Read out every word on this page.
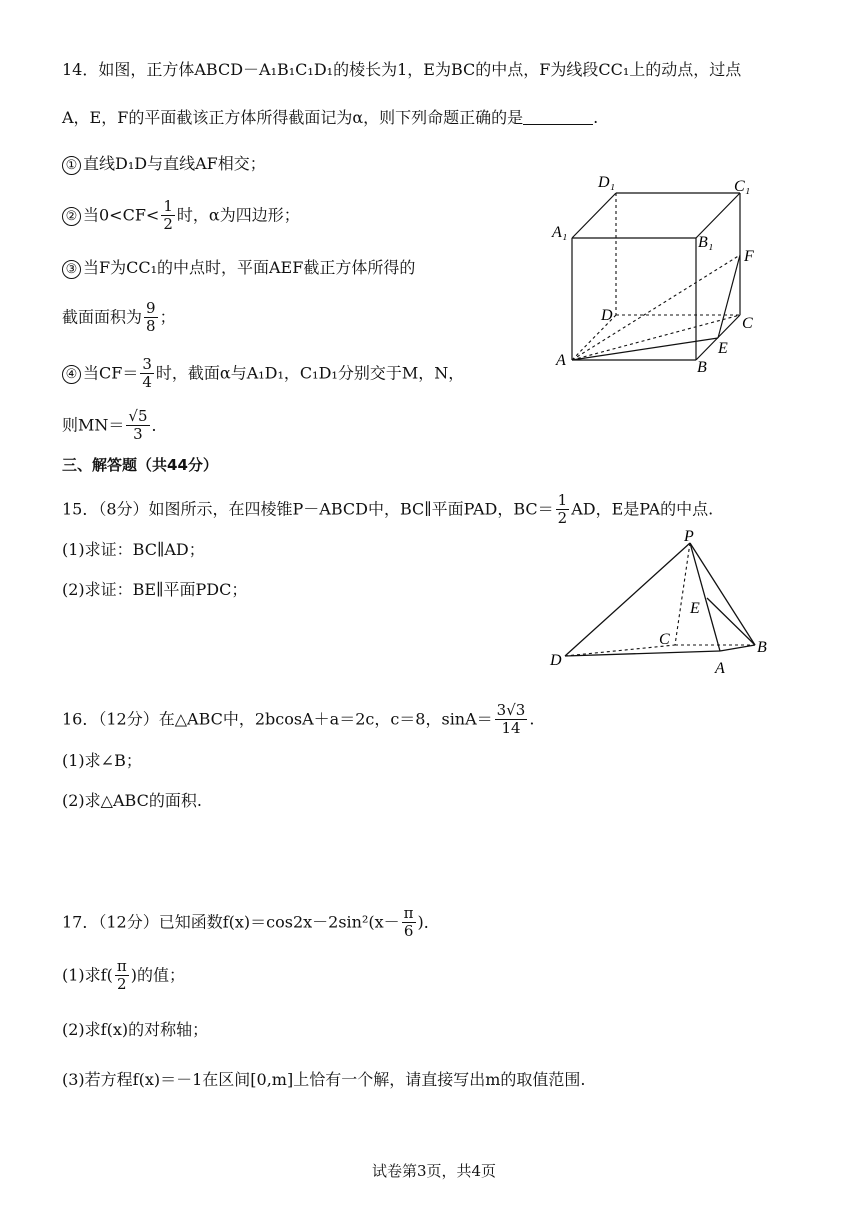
14．如图，正方体ABCD－A₁B₁C₁D₁的棱长为1，E为BC的中点，F为线段CC₁上的动点，过点
A，E，F的平面截该正方体所得截面记为α，则下列命题正确的是	.
① 直线D₁D与直线AF相交；
② 当$0<CF< \frac{1}{2}$ 时，α为四边形；
③ 当F为CC₁的中点时，平面AEF截正方体所得的
截面面积为 $\frac{9}{8}$ ；
④ 当$CF= \frac{3}{4}$ 时，截面α与A₁D₁，C₁D₁分别交于M，N，
则$MN= \frac{√5}{3}$ ．
D₁	C₁
A₁
B₁
F
D	C
A
E
B
三、解答题（共44分）
15．（8分）如图所示，在四棱锥P－ABCD中，BC∥平面PAD，$BC= \frac{1}{2}$ AD，E是PA的中点.
(1)求证：BC∥AD；
(2)求证：BE∥平面PDC；
P
E
C
D	A
B
16．（12分）在△ABC中，2bcosA＋a＝2c，c＝8，$\sin A= \frac{3√3}{14}$ .
(1)求∠B；
(2)求△ABC的面积.
17．（12分）已知函数$f(x)=\cos 2x-2\sin^2(x- \frac{\pi}{6}$ )．
(1)求$f( \frac{\pi}{2}$ )的值；
(2)求f(x)的对称轴；
(3)若方程f(x)＝－1在区间[0,m]上恰有一个解，请直接写出m的取值范围.
试卷第3页，共4页
